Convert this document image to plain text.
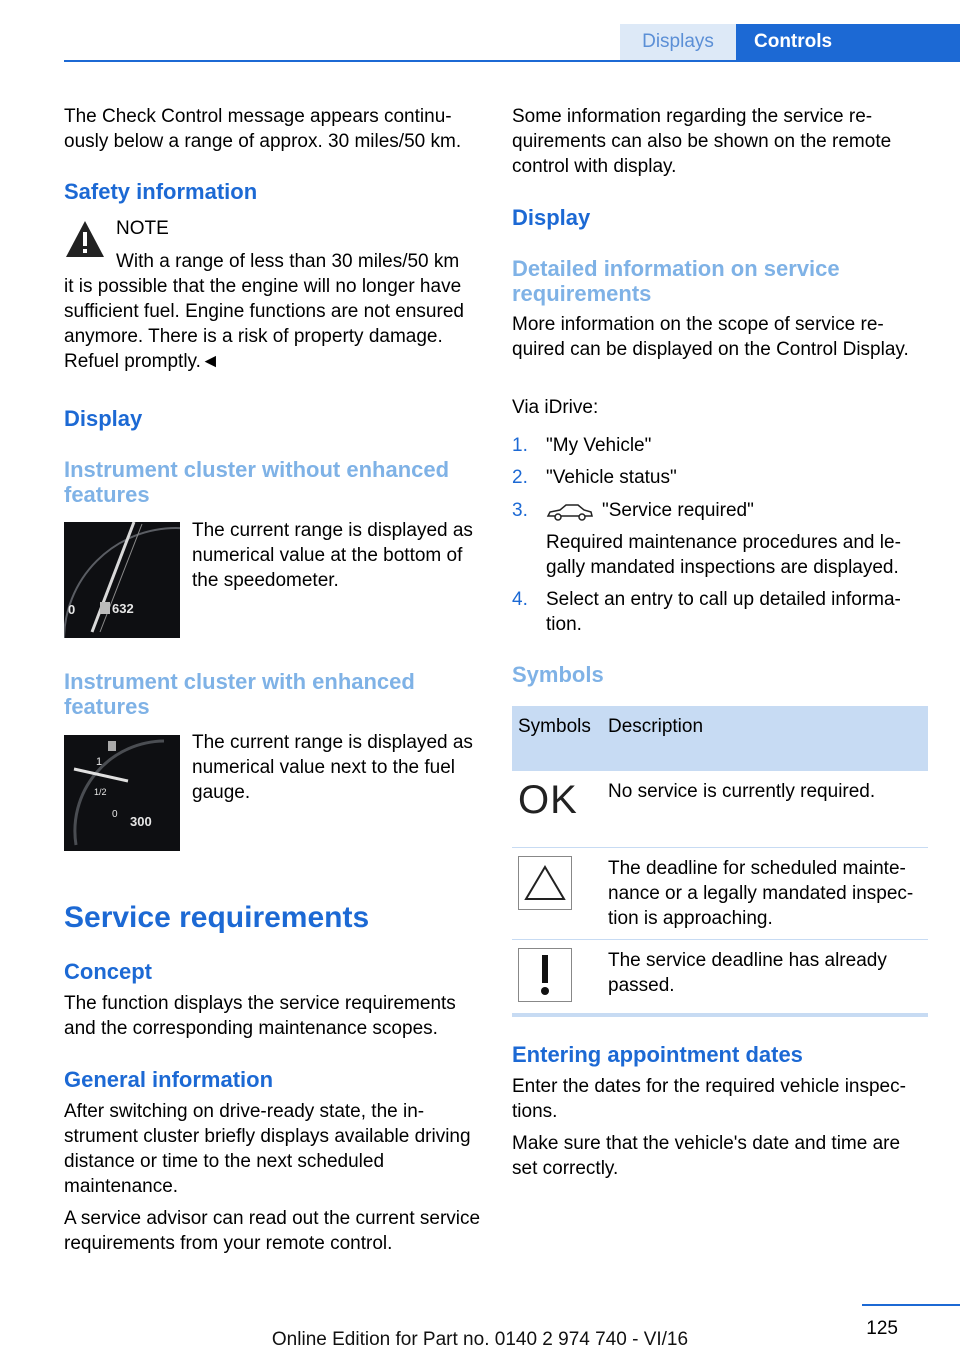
Displays	Controls

The Check Control message appears continuously below a range of approx. 30 miles/50 km.

Safety information
NOTE
With a range of less than 30 miles/50 km

it is possible that the engine will no longer have sufficient fuel. Engine functions are not ensured anymore. There is a risk of property damage. Refuel promptly.◄

Display
Instrument cluster without enhanced features
0	632

The current range is displayed as numerical value at the bottom of the speedometer.

Instrument cluster with enhanced features
1
1/2
0 300

The current range is displayed as numerical value next to the fuel gauge.

Service requirements
Concept

The function displays the service requirements and the corresponding maintenance scopes.

General information

After switching on drive-ready state, the instrument cluster briefly displays available driving distance or time to the next scheduled maintenance.

A service advisor can read out the current service requirements from your remote control.

Some information regarding the service requirements can also be shown on the remote control with display.

Display
Detailed information on service requirements

More information on the scope of service required can be displayed on the Control Display.

Via iDrive:

1. "My Vehicle"
2. "Vehicle status"
3.	"Service required"

Required maintenance procedures and legally mandated inspections are displayed.

4. Select an entry to call up detailed information.

Symbols
Symbols	Description

OK	No service is currently required.

	The deadline for scheduled maintenance or a legally mandated inspection is approaching.

	The service deadline has already passed.
Entering appointment dates

Enter the dates for the required vehicle inspections.

Make sure that the vehicle's date and time are set correctly.

125
Online Edition for Part no. 0140 2 974 740 - VI/16
